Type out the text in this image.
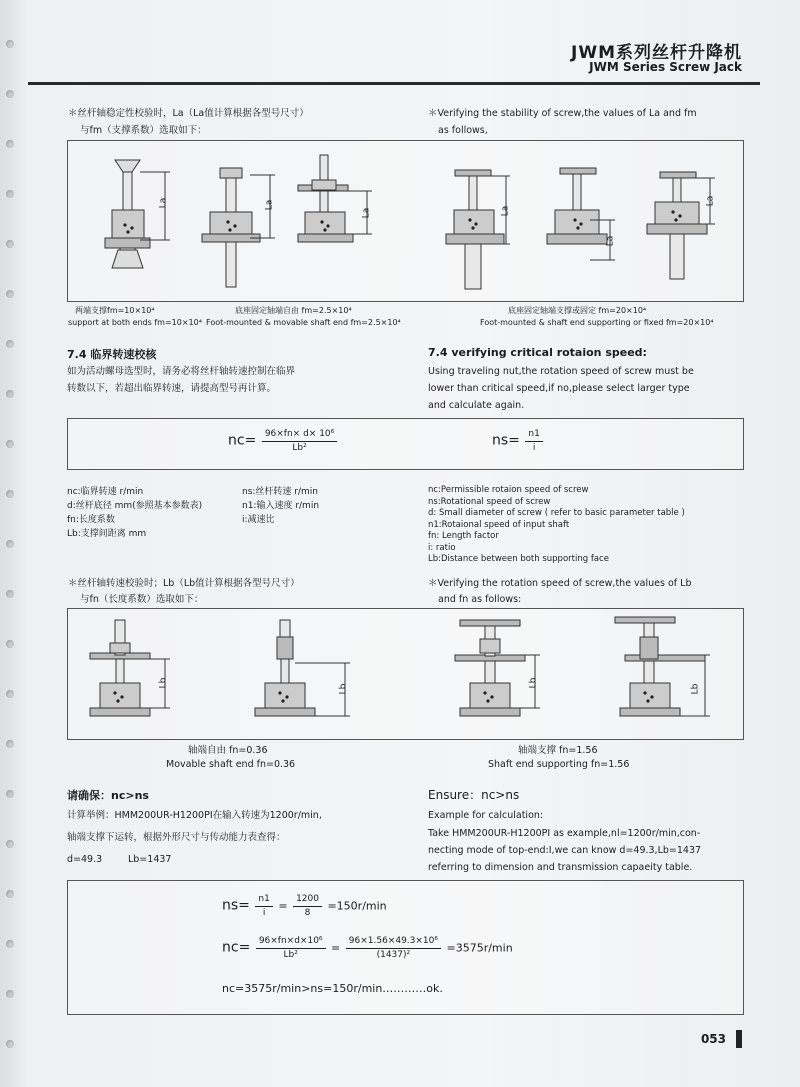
JWM系列丝杆升降机
JWM Series Screw Jack
＊丝杆轴稳定性校验时，La（La值计算根据各型号尺寸）
与fm（支撑系数）选取如下：
＊Verifying the stability of screw,the values of La and fm
as follows,
La	La
La	La
La
La
两端支撑fm=10×10⁴
support at both ends fm=10×10⁴
底座固定轴端自由 fm=2.5×10⁴
Foot-mounted & movable shaft end fm=2.5×10⁴
底座固定轴端支撑或固定 fm=20×10⁴
Foot-mounted & shaft end supporting or fixed fm=20×10⁴
7.4 临界转速校核	7.4 verifying critical rotaion speed:
如为活动螺母选型时，请务必将丝杆轴转速控制在临界
转数以下，若超出临界转速，请提高型号再计算。
Using traveling nut,the rotation speed of screw must be
lower than critical speed,if no,please select larger type
and calculate again.
$nc= \frac{\text{96×fn× d× 10⁶}}{\text{Lb²}}$	$ns= \frac{n1}{i}$
nc:临界转速 r/min
d:丝杆底径 mm(参照基本参数表)
fn:长度系数
Lb:支撑间距离 mm
ns:丝杆转速 r/min
n1:输入速度 r/min
i:减速比
nc:Permissible rotaion speed of screw
ns:Rotational speed of screw
d: Small diameter of screw ( refer to basic parameter table )
n1:Rotaional speed of input shaft
fn: Length factor
i: ratio
Lb:Distance between both supporting face
＊丝杆轴转速校验时；Lb（Lb值计算根据各型号尺寸）
与fn（长度系数）选取如下：
＊Verifying the rotation speed of screw,the values of Lb
and fn as follows:
Lb
Lb
Lb
Lb
轴端自由 fn=0.36
Movable shaft end fn=0.36
轴端支撑 fn=1.56
Shaft end supporting fn=1.56
请确保：nc>ns	Ensure：nc>ns
计算举例：HMM200UR-H1200PI在输入转速为1200r/min,
轴端支撑下运转，根据外形尺寸与传动能力表查得：
d=49.3	Lb=1437
Example for calculation:
Take HMM200UR-H1200PI as example,nl=1200r/min,con-
necting mode of top-end:I,we can know d=49.3,Lb=1437
referring to dimension and transmission capaeity table.
$ns= \frac{n1}{i} = \frac{1200}{8} =150r/\min$
$nc= \frac{\text{96×fn×d×10⁶}}{\text{Lb²}} = \frac{\text{96×1.56×49.3×10⁶}}{\text{(1437)²}} =3575r/\min$
nc=3575r/min>ns=150r/min…………ok.
053
